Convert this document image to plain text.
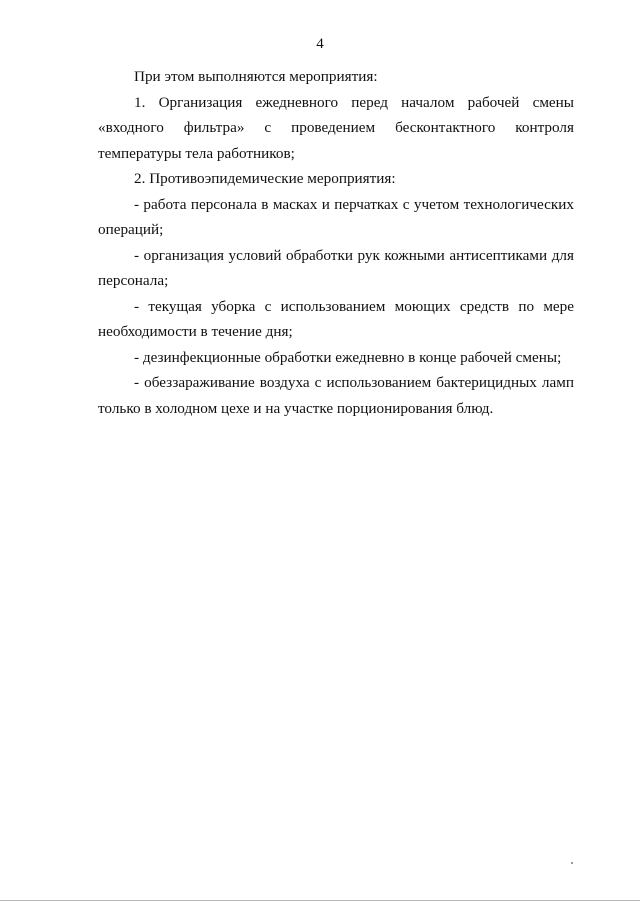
4

При этом выполняются мероприятия:

1. Организация ежедневного перед началом рабочей смены «входного фильтра» с проведением бесконтактного контроля температуры тела работников;

2. Противоэпидемические мероприятия:

- работа персонала в масках и перчатках с учетом технологических операций;

- организация условий обработки рук кожными антисептиками для персонала;

- текущая уборка с использованием моющих средств по мере необходимости в течение дня;

- дезинфекционные обработки ежедневно в конце рабочей смены;

- обеззараживание воздуха с использованием бактерицидных ламп только в холодном цехе и на участке порционирования блюд.
